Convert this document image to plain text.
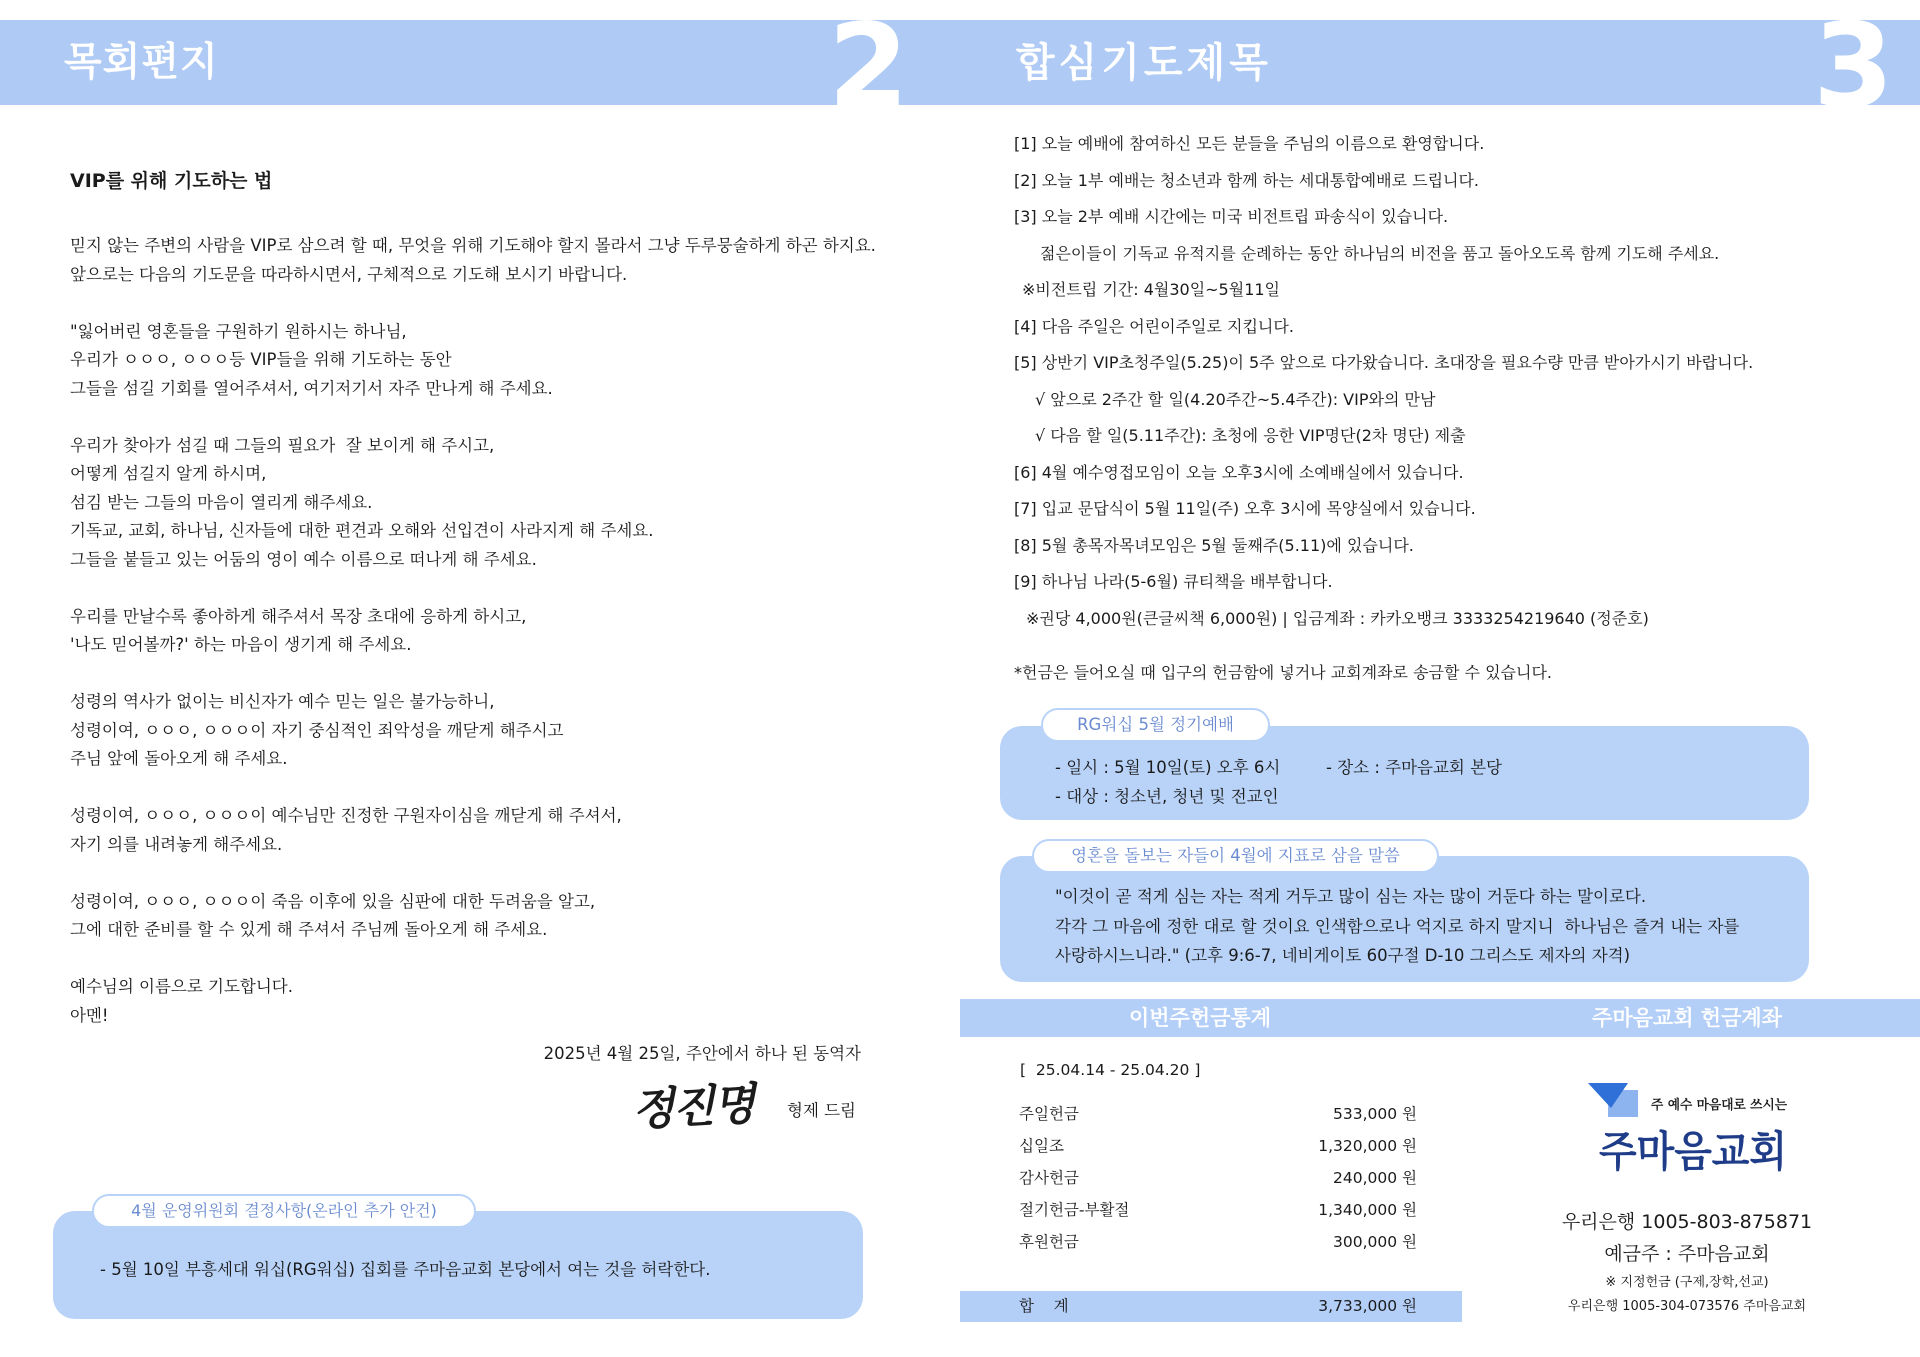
목회편지	2	합심기도제목	3
VIP를 위해 기도하는 법
믿지 않는 주변의 사람을 VIP로 삼으려 할 때, 무엇을 위해 기도해야 할지 몰라서 그냥 두루뭉술하게 하곤 하지요.
앞으로는 다음의 기도문을 따라하시면서, 구체적으로 기도해 보시기 바랍니다.
"잃어버린 영혼들을 구원하기 원하시는 하나님,
우리가 ㅇㅇㅇ, ㅇㅇㅇ등 VIP들을 위해 기도하는 동안
그들을 섬길 기회를 열어주셔서, 여기저기서 자주 만나게 해 주세요.
우리가 찾아가 섬길 때 그들의 필요가  잘 보이게 해 주시고,
어떻게 섬길지 알게 하시며,
섬김 받는 그들의 마음이 열리게 해주세요.
기독교, 교회, 하나님, 신자들에 대한 편견과 오해와 선입견이 사라지게 해 주세요.
그들을 붙들고 있는 어둠의 영이 예수 이름으로 떠나게 해 주세요.
우리를 만날수록 좋아하게 해주셔서 목장 초대에 응하게 하시고,
'나도 믿어볼까?' 하는 마음이 생기게 해 주세요.
성령의 역사가 없이는 비신자가 예수 믿는 일은 불가능하니,
성령이여, ㅇㅇㅇ, ㅇㅇㅇ이 자기 중심적인 죄악성을 깨닫게 해주시고
주님 앞에 돌아오게 해 주세요.
성령이여, ㅇㅇㅇ, ㅇㅇㅇ이 예수님만 진정한 구원자이심을 깨닫게 해 주셔서,
자기 의를 내려놓게 해주세요.
성령이여, ㅇㅇㅇ, ㅇㅇㅇ이 죽음 이후에 있을 심판에 대한 두려움을 알고,
그에 대한 준비를 할 수 있게 해 주셔서 주님께 돌아오게 해 주세요.
예수님의 이름으로 기도합니다.
아멘!
2025년 4월 25일, 주안에서 하나 된 동역자
정진명 형제 드림
4월 운영위원회 결정사항(온라인 추가 안건)
- 5월 10일 부흥세대 워십(RG워십) 집회를 주마음교회 본당에서 여는 것을 허락한다.
[1] 오늘 예배에 참여하신 모든 분들을 주님의 이름으로 환영합니다.
[2] 오늘 1부 예배는 청소년과 함께 하는 세대통합예배로 드립니다.
[3] 오늘 2부 예배 시간에는 미국 비전트립 파송식이 있습니다.
젊은이들이 기독교 유적지를 순례하는 동안 하나님의 비전을 품고 돌아오도록 함께 기도해 주세요.
※비전트립 기간: 4월30일~5월11일
[4] 다음 주일은 어린이주일로 지킵니다.
[5] 상반기 VIP초청주일(5.25)이 5주 앞으로 다가왔습니다. 초대장을 필요수량 만큼 받아가시기 바랍니다.
√ 앞으로 2주간 할 일(4.20주간~5.4주간): VIP와의 만남
√ 다음 할 일(5.11주간): 초청에 응한 VIP명단(2차 명단) 제출
[6] 4월 예수영접모임이 오늘 오후3시에 소예배실에서 있습니다.
[7] 입교 문답식이 5월 11일(주) 오후 3시에 목양실에서 있습니다.
[8] 5월 총목자목녀모임은 5월 둘째주(5.11)에 있습니다.
[9] 하나님 나라(5-6월) 큐티책을 배부합니다.
※권당 4,000원(큰글씨책 6,000원) | 입금계좌 : 카카오뱅크 3333254219640 (정준호)
*헌금은 들어오실 때 입구의 헌금함에 넣거나 교회계좌로 송금할 수 있습니다.
RG워십 5월 정기예배
- 일시 : 5월 10일(토) 오후 6시	- 장소 : 주마음교회 본당
- 대상 : 청소년, 청년 및 전교인
영혼을 돌보는 자들이 4월에 지표로 삼을 말씀
"이것이 곧 적게 심는 자는 적게 거두고 많이 심는 자는 많이 거둔다 하는 말이로다.
각각 그 마음에 정한 대로 할 것이요 인색함으로나 억지로 하지 말지니  하나님은 즐겨 내는 자를
사랑하시느니라." (고후 9:6-7, 네비게이토 60구절 D-10 그리스도 제자의 자격)
이번주헌금통계	주마음교회 헌금계좌
[  25.04.14 - 25.04.20 ]
주일헌금	533,000 원
십일조	1,320,000 원
감사헌금	240,000 원
절기헌금-부활절	1,340,000 원
후원헌금	300,000 원
합    계	3,733,000 원
주 예수 마음대로 쓰시는
주마음교회
우리은행 1005-803-875871
예금주 : 주마음교회
※ 지정헌금 (구제,장학,선교)
우리은행 1005-304-073576 주마음교회
